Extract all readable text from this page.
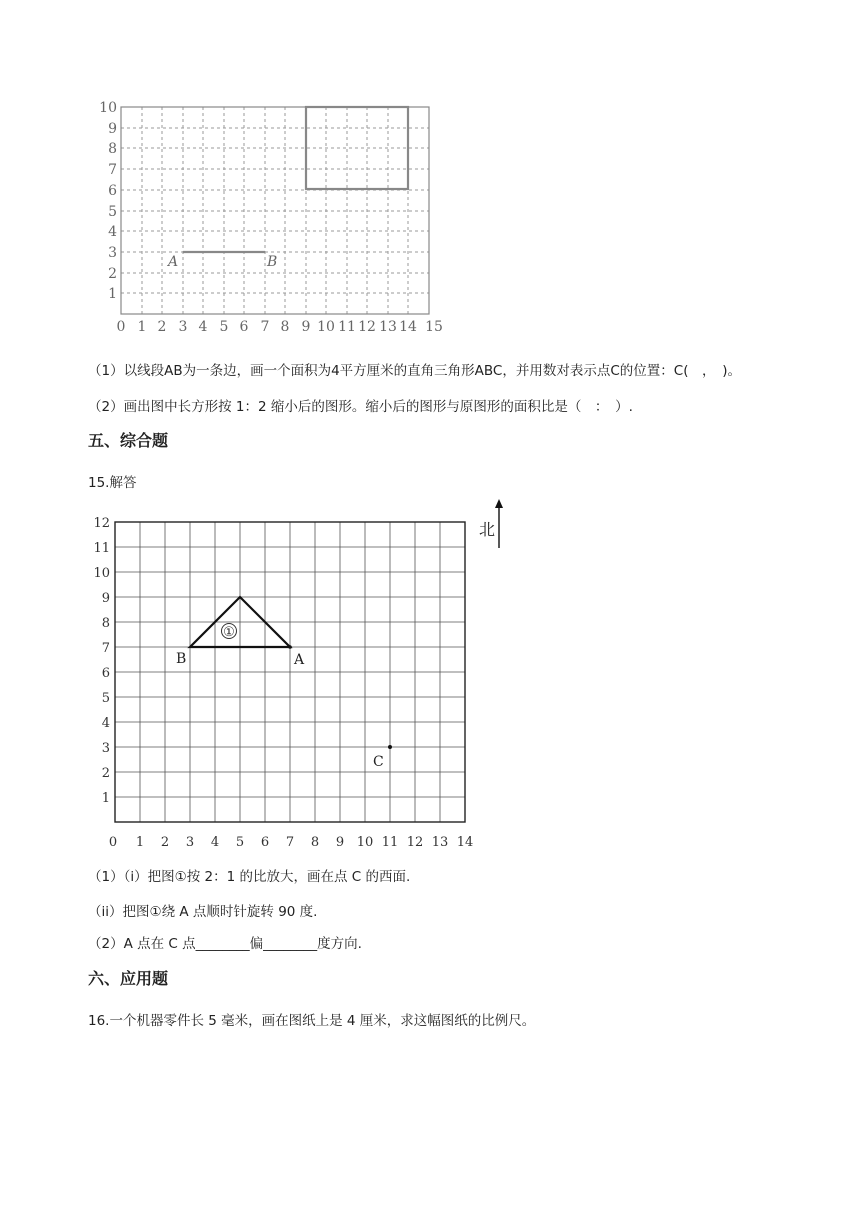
A	B
10
9
8
7
6
5
4
3
2
1
0 1 2 3 4 5 6 7 8 9 10 11 12 13 14 15
（1）以线段AB为一条边，画一个面积为4平方厘米的直角三角形ABC，并用数对表示点C的位置：C(　，　)。
（2）画出图中长方形按 1：2 缩小后的图形。缩小后的图形与原图形的面积比是（　：　）.
五、综合题
15.解答
①
B	A
C
12
11
10
9
8
7
6
5
4
3
2
1
0 1 2 3 4 5 6 7 8 9 10 11 12 13 14
北
（1）（i）把图①按 2：1 的比放大，画在点 C 的西面.
（ii）把图①绕 A 点顺时针旋转 90 度.
（2）A 点在 C 点________偏________度方向.
六、应用题
16.一个机器零件长 5 毫米，画在图纸上是 4 厘米，求这幅图纸的比例尺。
